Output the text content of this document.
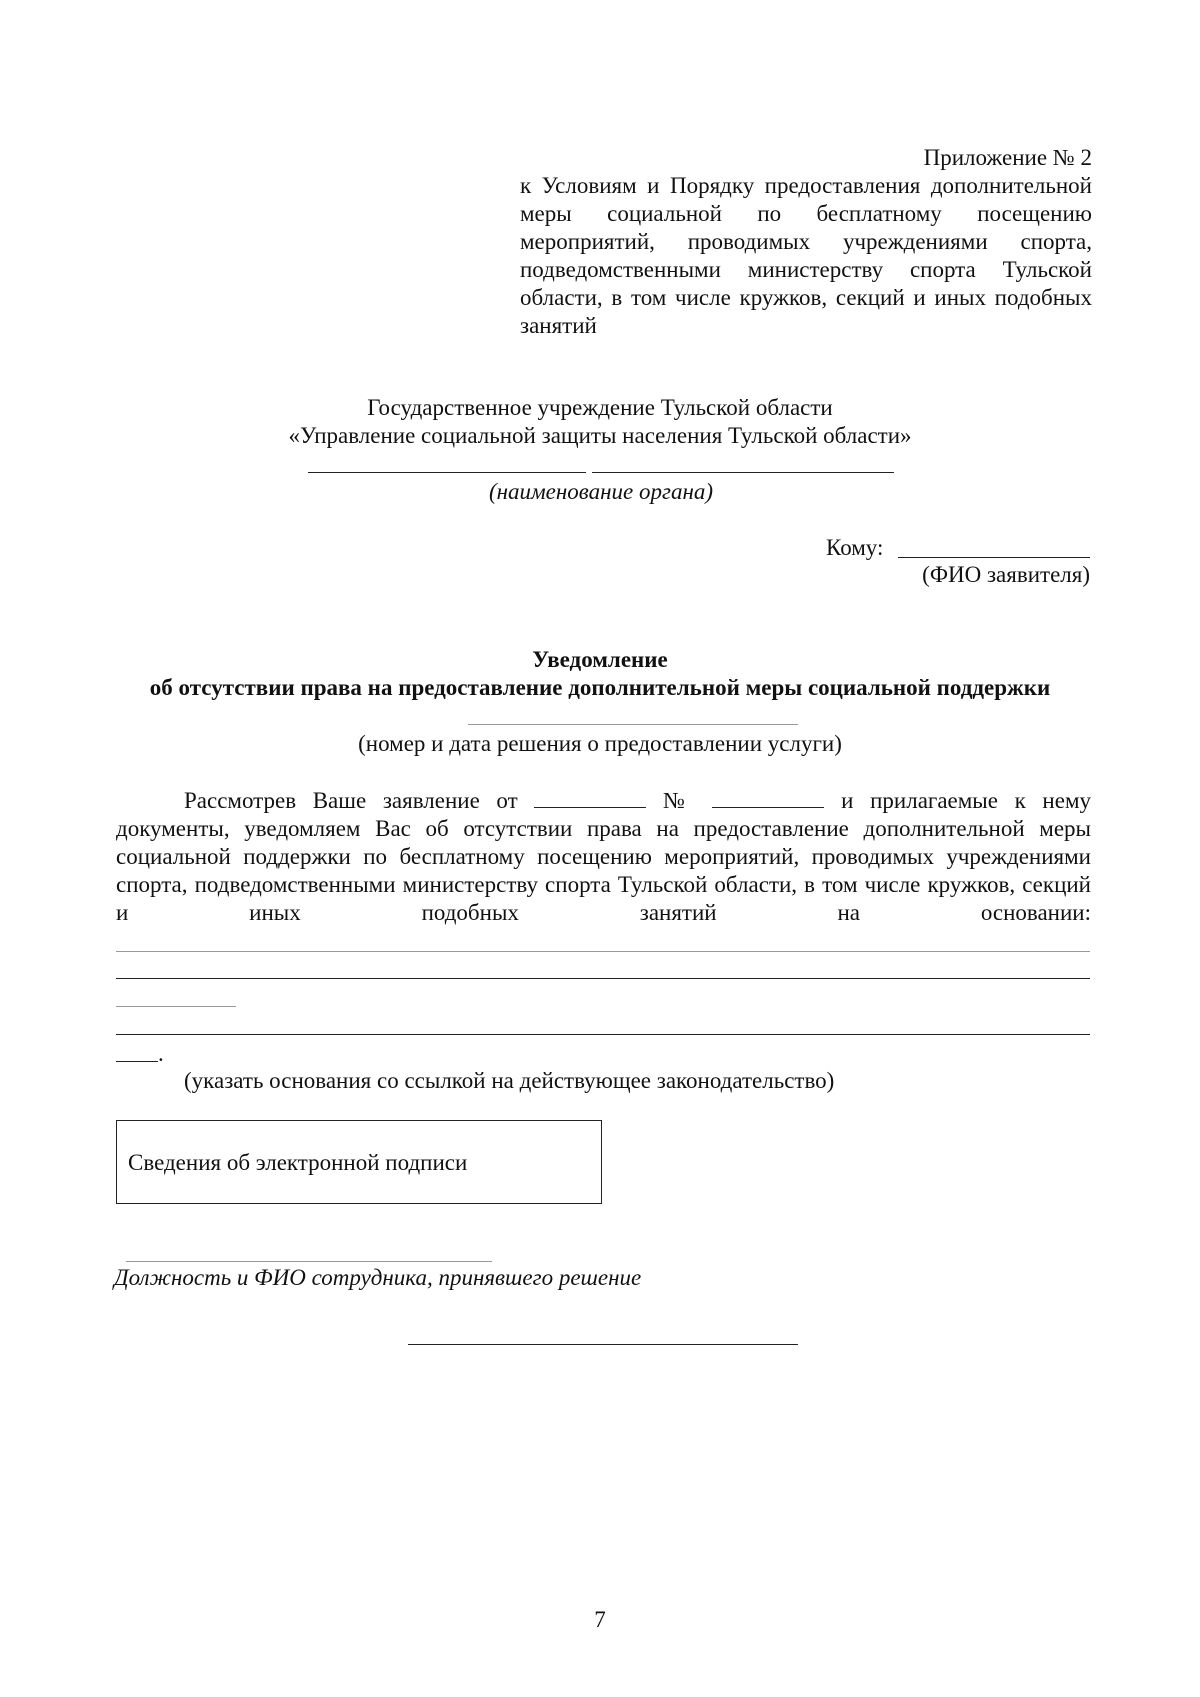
Приложение № 2
к Условиям и Порядку предоставления дополнительной меры социальной по бесплатному посещению мероприятий, проводимых учреждениями спорта, подведомственными министерству спорта Тульской области, в том числе кружков, секций и иных подобных
занятий
Государственное учреждение Тульской области
«Управление социальной защиты населения Тульской области»
(наименование органа)
Кому:
(ФИО заявителя)
Уведомление
об отсутствии права на предоставление дополнительной меры социальной поддержки
(номер и дата решения о предоставлении услуги)
Рассмотрев Ваше заявление от	№	и прилагаемые к нему
документы, уведомляем Вас об отсутствии права на предоставление дополнительной меры социальной поддержки по бесплатному посещению мероприятий, проводимых учреждениями спорта, подведомственными министерству спорта Тульской области, в том числе кружков, секций и иных подобных занятий на основании:
.
(указать основания со ссылкой на действующее законодательство)
Сведения об электронной подписи
Должность и ФИО сотрудника, принявшего решение
7
